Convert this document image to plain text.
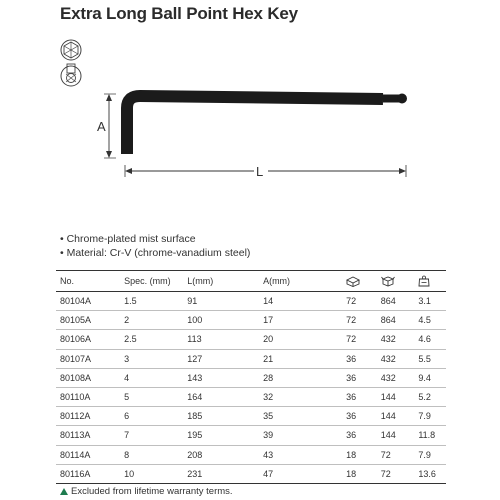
Extra Long Ball Point Hex Key
A
L
• Chrome-plated mist surface
• Material: Cr-V (chrome-vanadium steel)
No.	Spec. (mm)	L(mm)	A(mm)			
80104A	1.5	91	14	72	864	3.1
80105A	2	100	17	72	864	4.5
80106A	2.5	113	20	72	432	4.6
80107A	3	127	21	36	432	5.5
80108A	4	143	28	36	432	9.4
80110A	5	164	32	36	144	5.2
80112A	6	185	35	36	144	7.9
80113A	7	195	39	36	144	11.8
80114A	8	208	43	18	72	7.9
80116A	10	231	47	18	72	13.6
Excluded from lifetime warranty terms.
